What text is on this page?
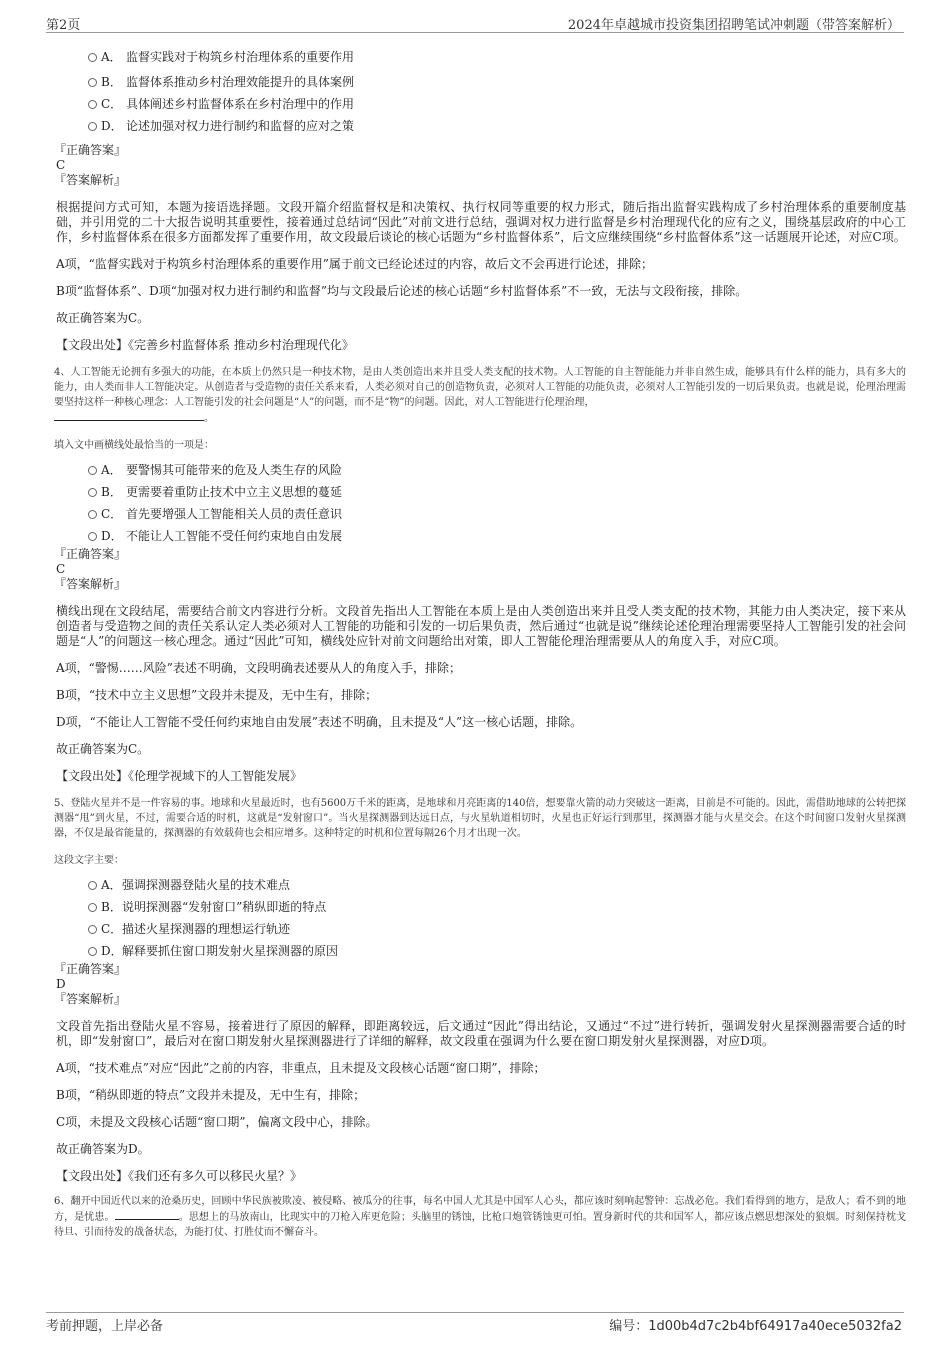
第2页	2024年卓越城市投资集团招聘笔试冲刺题（带答案解析）
A． 监督实践对于构筑乡村治理体系的重要作用
B． 监督体系推动乡村治理效能提升的具体案例
C． 具体阐述乡村监督体系在乡村治理中的作用
D． 论述加强对权力进行制约和监督的应对之策
『正确答案』
C
『答案解析』

根据提问方式可知，本题为接语选择题。文段开篇介绍监督权是和决策权、执行权同等重要的权力形式，随后指出监督实践构成了乡村治理体系的重要制度基础，并引用党的二十大报告说明其重要性，接着通过总结词“因此”对前文进行总结，强调对权力进行监督是乡村治理现代化的应有之义，围绕基层政府的中心工作，乡村监督体系在很多方面都发挥了重要作用，故文段最后谈论的核心话题为“乡村监督体系”，后文应继续围绕“乡村监督体系”这一话题展开论述，对应C项。

A项，“监督实践对于构筑乡村治理体系的重要作用”属于前文已经论述过的内容，故后文不会再进行论述，排除；

B项“监督体系”、D项“加强对权力进行制约和监督”均与文段最后论述的核心话题“乡村监督体系”不一致，无法与文段衔接，排除。

故正确答案为C。

【文段出处】《完善乡村监督体系 推动乡村治理现代化》

4、人工智能无论拥有多强大的功能，在本质上仍然只是一种技术物，是由人类创造出来并且受人类支配的技术物。人工智能的自主智能能力并非自然生成，能够具有什么样的能力，具有多大的能力，由人类而非人工智能决定。从创造者与受造物的责任关系来看，人类必须对自己的创造物负责，必须对人工智能的功能负责，必须对人工智能引发的一切后果负责。也就是说，伦理治理需要坚持这样一种核心理念：人工智能引发的社会问题是“人”的问题，而不是“物”的问题。因此，对人工智能进行伦理治理，
。

填入文中画横线处最恰当的一项是：

A． 要警惕其可能带来的危及人类生存的风险
B． 更需要着重防止技术中立主义思想的蔓延
C． 首先要增强人工智能相关人员的责任意识
D． 不能让人工智能不受任何约束地自由发展
『正确答案』
C
『答案解析』

横线出现在文段结尾，需要结合前文内容进行分析。文段首先指出人工智能在本质上是由人类创造出来并且受人类支配的技术物，其能力由人类决定，接下来从创造者与受造物之间的责任关系认定人类必须对人工智能的功能和引发的一切后果负责，然后通过“也就是说”继续论述伦理治理需要坚持人工智能引发的社会问题是“人”的问题这一核心理念。通过“因此”可知，横线处应针对前文问题给出对策，即人工智能伦理治理需要从人的角度入手，对应C项。

A项，“警惕……风险”表述不明确，文段明确表述要从人的角度入手，排除；

B项，“技术中立主义思想”文段并未提及，无中生有，排除；

D项，“不能让人工智能不受任何约束地自由发展”表述不明确，且未提及“人”这一核心话题，排除。

故正确答案为C。

【文段出处】《伦理学视域下的人工智能发展》

5、登陆火星并不是一件容易的事。地球和火星最近时，也有5600万千米的距离，是地球和月亮距离的140倍，想要靠火箭的动力突破这一距离，目前是不可能的。因此，需借助地球的公转把探测器“甩”到火星，不过，需要合适的时机，这就是“发射窗口”。当火星探测器到达远日点，与火星轨道相切时，火星也正好运行到那里，探测器才能与火星交会。在这个时间窗口发射火星探测器，不仅是最省能量的，探测器的有效载荷也会相应增多。这种特定的时机和位置每隔26个月才出现一次。

这段文字主要：

A． 强调探测器登陆火星的技术难点
B． 说明探测器“发射窗口”稍纵即逝的特点
C． 描述火星探测器的理想运行轨迹
D． 解释要抓住窗口期发射火星探测器的原因
『正确答案』
D
『答案解析』

文段首先指出登陆火星不容易，接着进行了原因的解释，即距离较远，后文通过“因此”得出结论，又通过“不过”进行转折，强调发射火星探测器需要合适的时机，即“发射窗口”，最后对在窗口期发射火星探测器进行了详细的解释，故文段重在强调为什么要在窗口期发射火星探测器，对应D项。

A项，“技术难点”对应“因此”之前的内容，非重点，且未提及文段核心话题“窗口期”，排除；

B项，“稍纵即逝的特点”文段并未提及，无中生有，排除；

C项，未提及文段核心话题“窗口期”，偏离文段中心，排除。

故正确答案为D。

【文段出处】《我们还有多久可以移民火星？》

6、翻开中国近代以来的沧桑历史，回顾中华民族被欺凌、被侵略、被瓜分的往事，每名中国人尤其是中国军人心头，都应该时刻响起警钟：忘战必危。我们看得到的地方，是敌人；看不到的地方，是忧患。	。思想上的马放南山，比现实中的刀枪入库更危险；头脑里的锈蚀，比枪口炮管锈蚀更可怕。置身新时代的共和国军人，都应该点燃思想深处的狼烟。时刻保持枕戈待旦、引而待发的战备状态，为能打仗、打胜仗而不懈奋斗。

考前押题，上岸必备	编号：1d00b4d7c2b4bf64917a40ece5032fa2
